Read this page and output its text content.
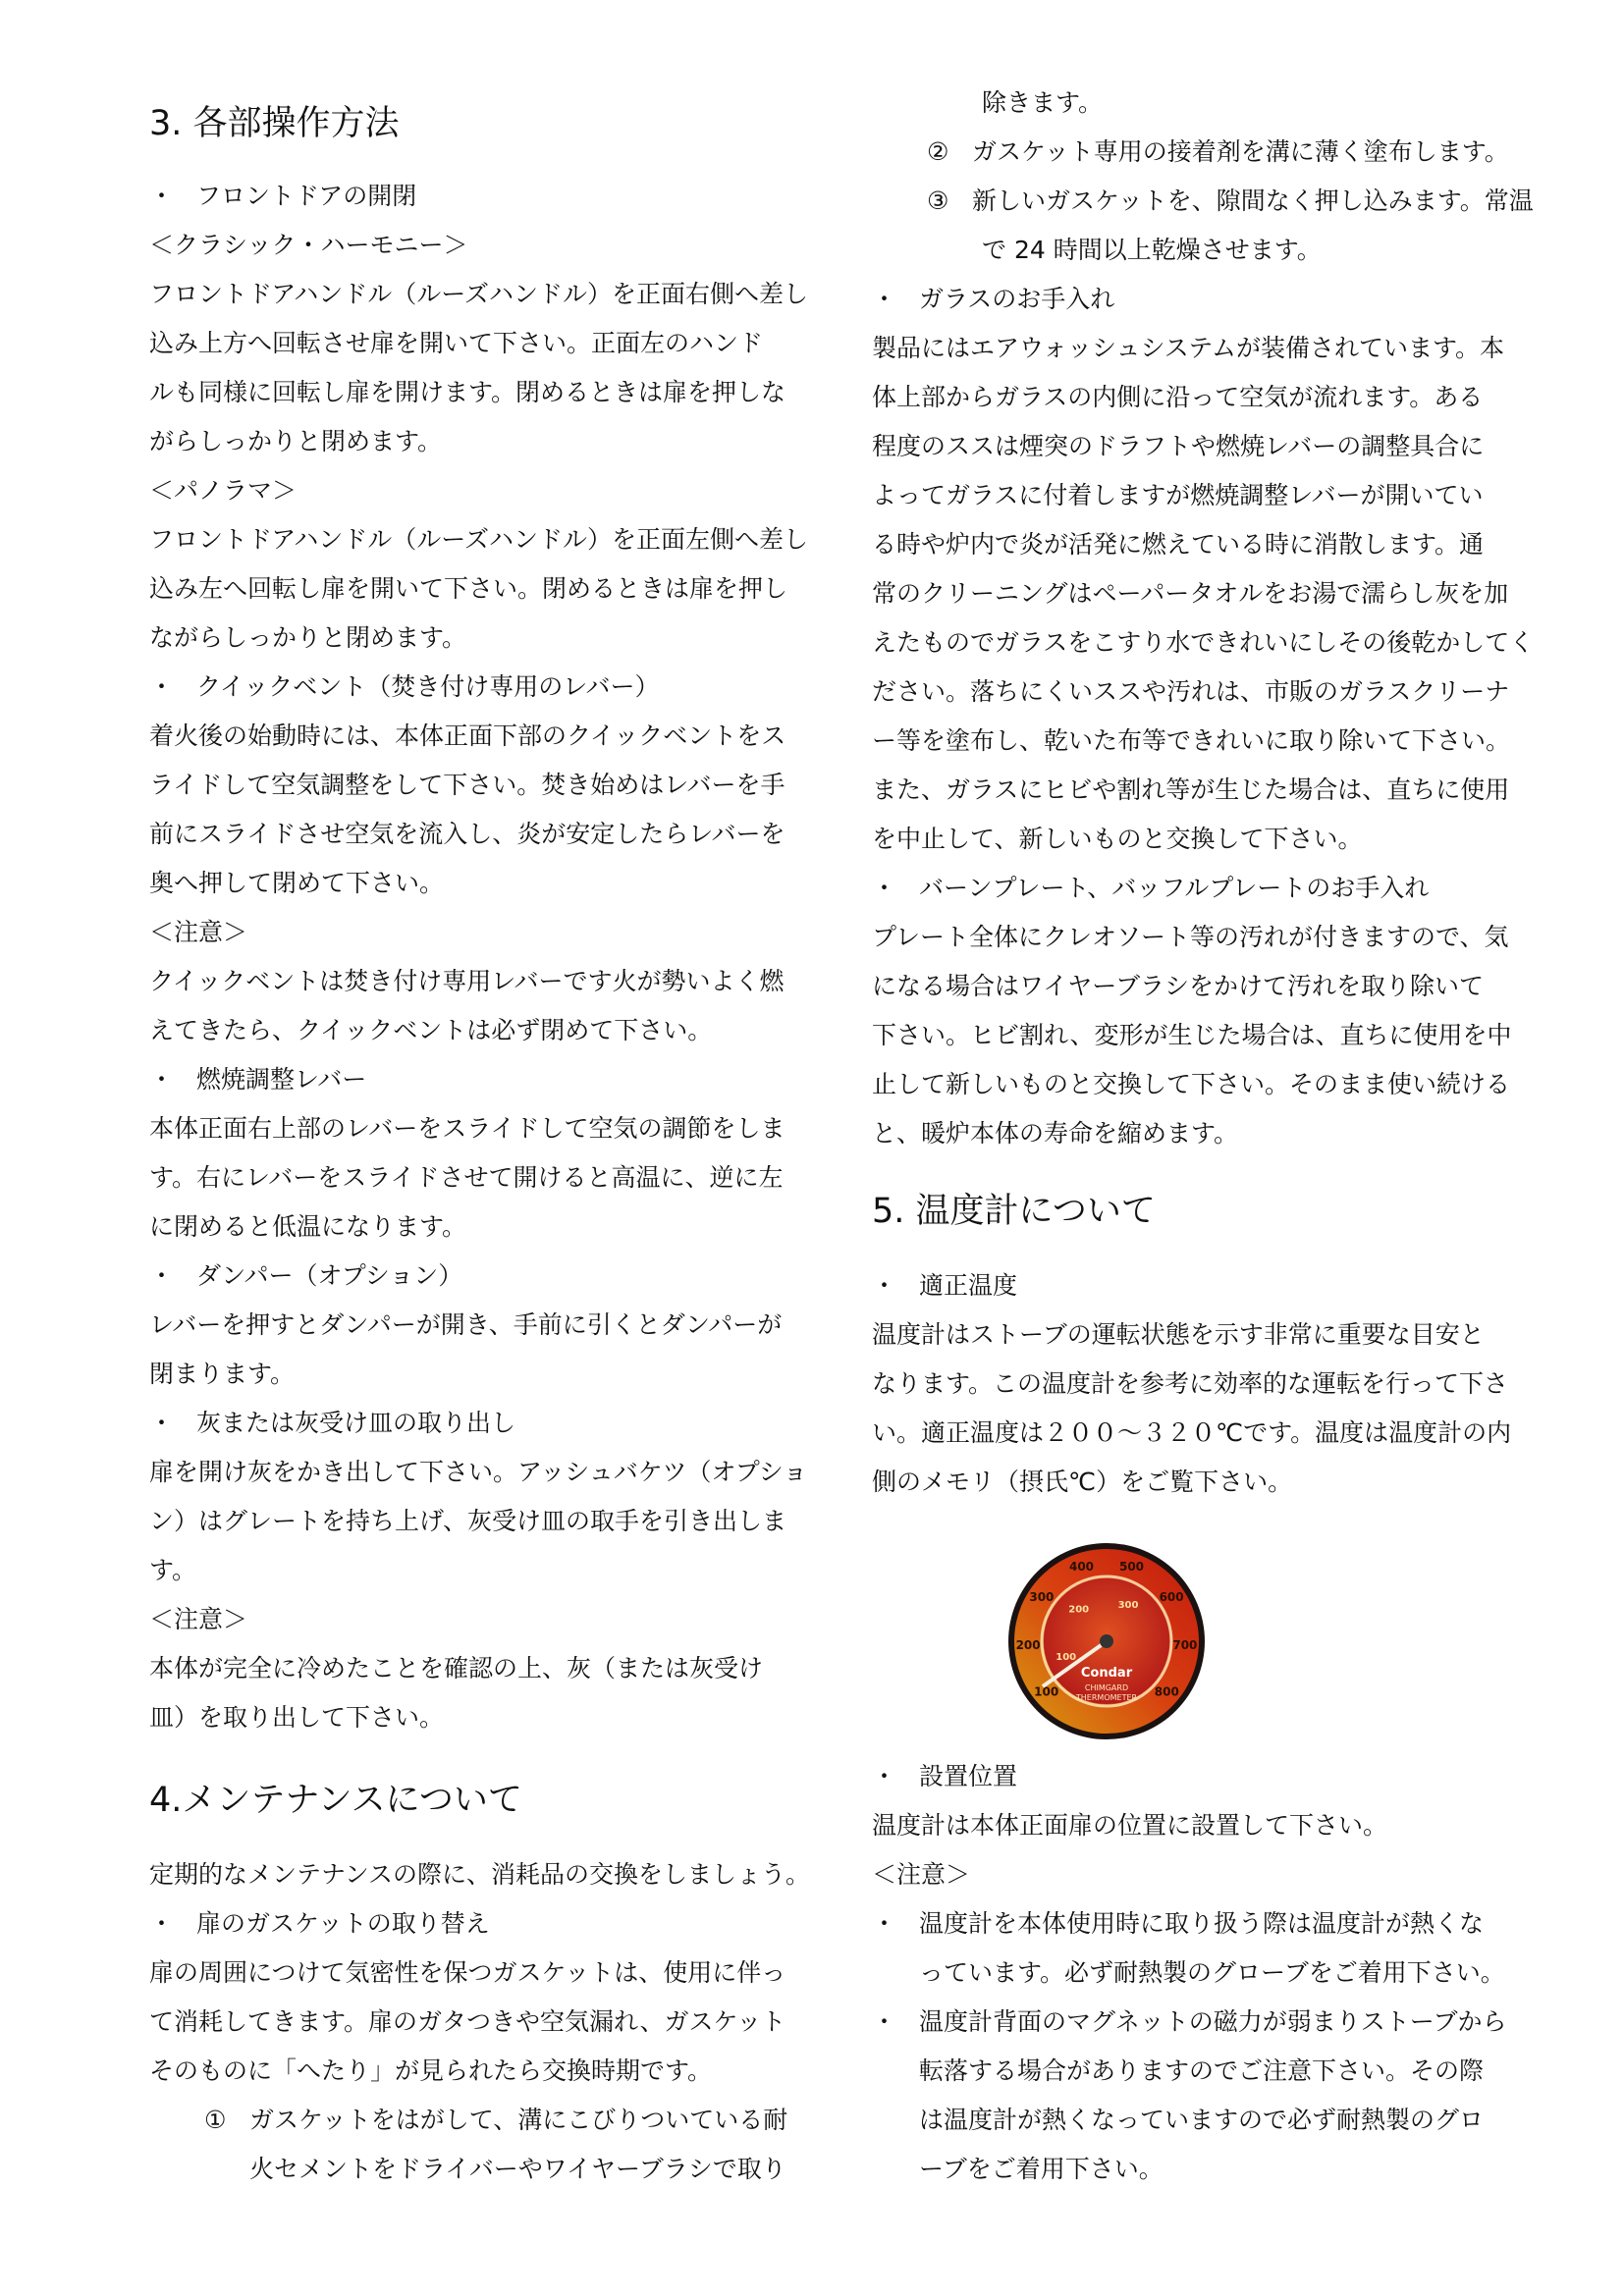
3. 各部操作方法
・ フロントドアの開閉
＜クラシック・ハーモニー＞
フロントドアハンドル（ルーズハンドル）を正面右側へ差し
込み上方へ回転させ扉を開いて下さい。正面左のハンド
ルも同様に回転し扉を開けます。閉めるときは扉を押しな
がらしっかりと閉めます。
＜パノラマ＞
フロントドアハンドル（ルーズハンドル）を正面左側へ差し
込み左へ回転し扉を開いて下さい。閉めるときは扉を押し
ながらしっかりと閉めます。
・ クイックベント（焚き付け専用のレバー）
着火後の始動時には、本体正面下部のクイックベントをス
ライドして空気調整をして下さい。焚き始めはレバーを手
前にスライドさせ空気を流入し、炎が安定したらレバーを
奥へ押して閉めて下さい。
＜注意＞
クイックベントは焚き付け専用レバーです火が勢いよく燃
えてきたら、クイックベントは必ず閉めて下さい。
・ 燃焼調整レバー
本体正面右上部のレバーをスライドして空気の調節をしま
す。右にレバーをスライドさせて開けると高温に、逆に左
に閉めると低温になります。
・ ダンパー（オプション）
レバーを押すとダンパーが開き、手前に引くとダンパーが
閉まります。
・ 灰または灰受け皿の取り出し
扉を開け灰をかき出して下さい。アッシュバケツ（オプショ
ン）はグレートを持ち上げ、灰受け皿の取手を引き出しま
す。
＜注意＞
本体が完全に冷めたことを確認の上、灰（または灰受け
皿）を取り出して下さい。
4.メンテナンスについて
定期的なメンテナンスの際に、消耗品の交換をしましょう。
・ 扉のガスケットの取り替え
扉の周囲につけて気密性を保つガスケットは、使用に伴っ
て消耗してきます。扉のガタつきや空気漏れ、ガスケット
そのものに「へたり」が見られたら交換時期です。
① ガスケットをはがして、溝にこびりついている耐
火セメントをドライバーやワイヤーブラシで取り
除きます。
② ガスケット専用の接着剤を溝に薄く塗布します。
③ 新しいガスケットを、隙間なく押し込みます。常温
で 24 時間以上乾燥させます。
・ ガラスのお手入れ
製品にはエアウォッシュシステムが装備されています。本
体上部からガラスの内側に沿って空気が流れます。ある
程度のススは煙突のドラフトや燃焼レバーの調整具合に
よってガラスに付着しますが燃焼調整レバーが開いてい
る時や炉内で炎が活発に燃えている時に消散します。通
常のクリーニングはペーパータオルをお湯で濡らし灰を加
えたものでガラスをこすり水できれいにしその後乾かしてく
ださい。落ちにくいススや汚れは、市販のガラスクリーナ
ー等を塗布し、乾いた布等できれいに取り除いて下さい。
また、ガラスにヒビや割れ等が生じた場合は、直ちに使用
を中止して、新しいものと交換して下さい。
・ バーンプレート、バッフルプレートのお手入れ
プレート全体にクレオソート等の汚れが付きますので、気
になる場合はワイヤーブラシをかけて汚れを取り除いて
下さい。ヒビ割れ、変形が生じた場合は、直ちに使用を中
止して新しいものと交換して下さい。そのまま使い続ける
と、暖炉本体の寿命を縮めます。
5. 温度計について
・ 適正温度
温度計はストーブの運転状態を示す非常に重要な目安と
なります。この温度計を参考に効率的な運転を行って下さ
い。適正温度は２００～３２０℃です。温度は温度計の内
側のメモリ（摂氏℃）をご覧下さい。
・ 設置位置
温度計は本体正面扉の位置に設置して下さい。
＜注意＞
・ 温度計を本体使用時に取り扱う際は温度計が熱くな
っています。必ず耐熱製のグローブをご着用下さい。
・ 温度計背面のマグネットの磁力が弱まりストーブから
転落する場合がありますのでご注意下さい。その際
は温度計が熱くなっていますので必ず耐熱製のグロ
ーブをご着用下さい。
100
200
300
400 500
600
700
800
100
200	300
Condar
CHIMGARD
THERMOMETER
